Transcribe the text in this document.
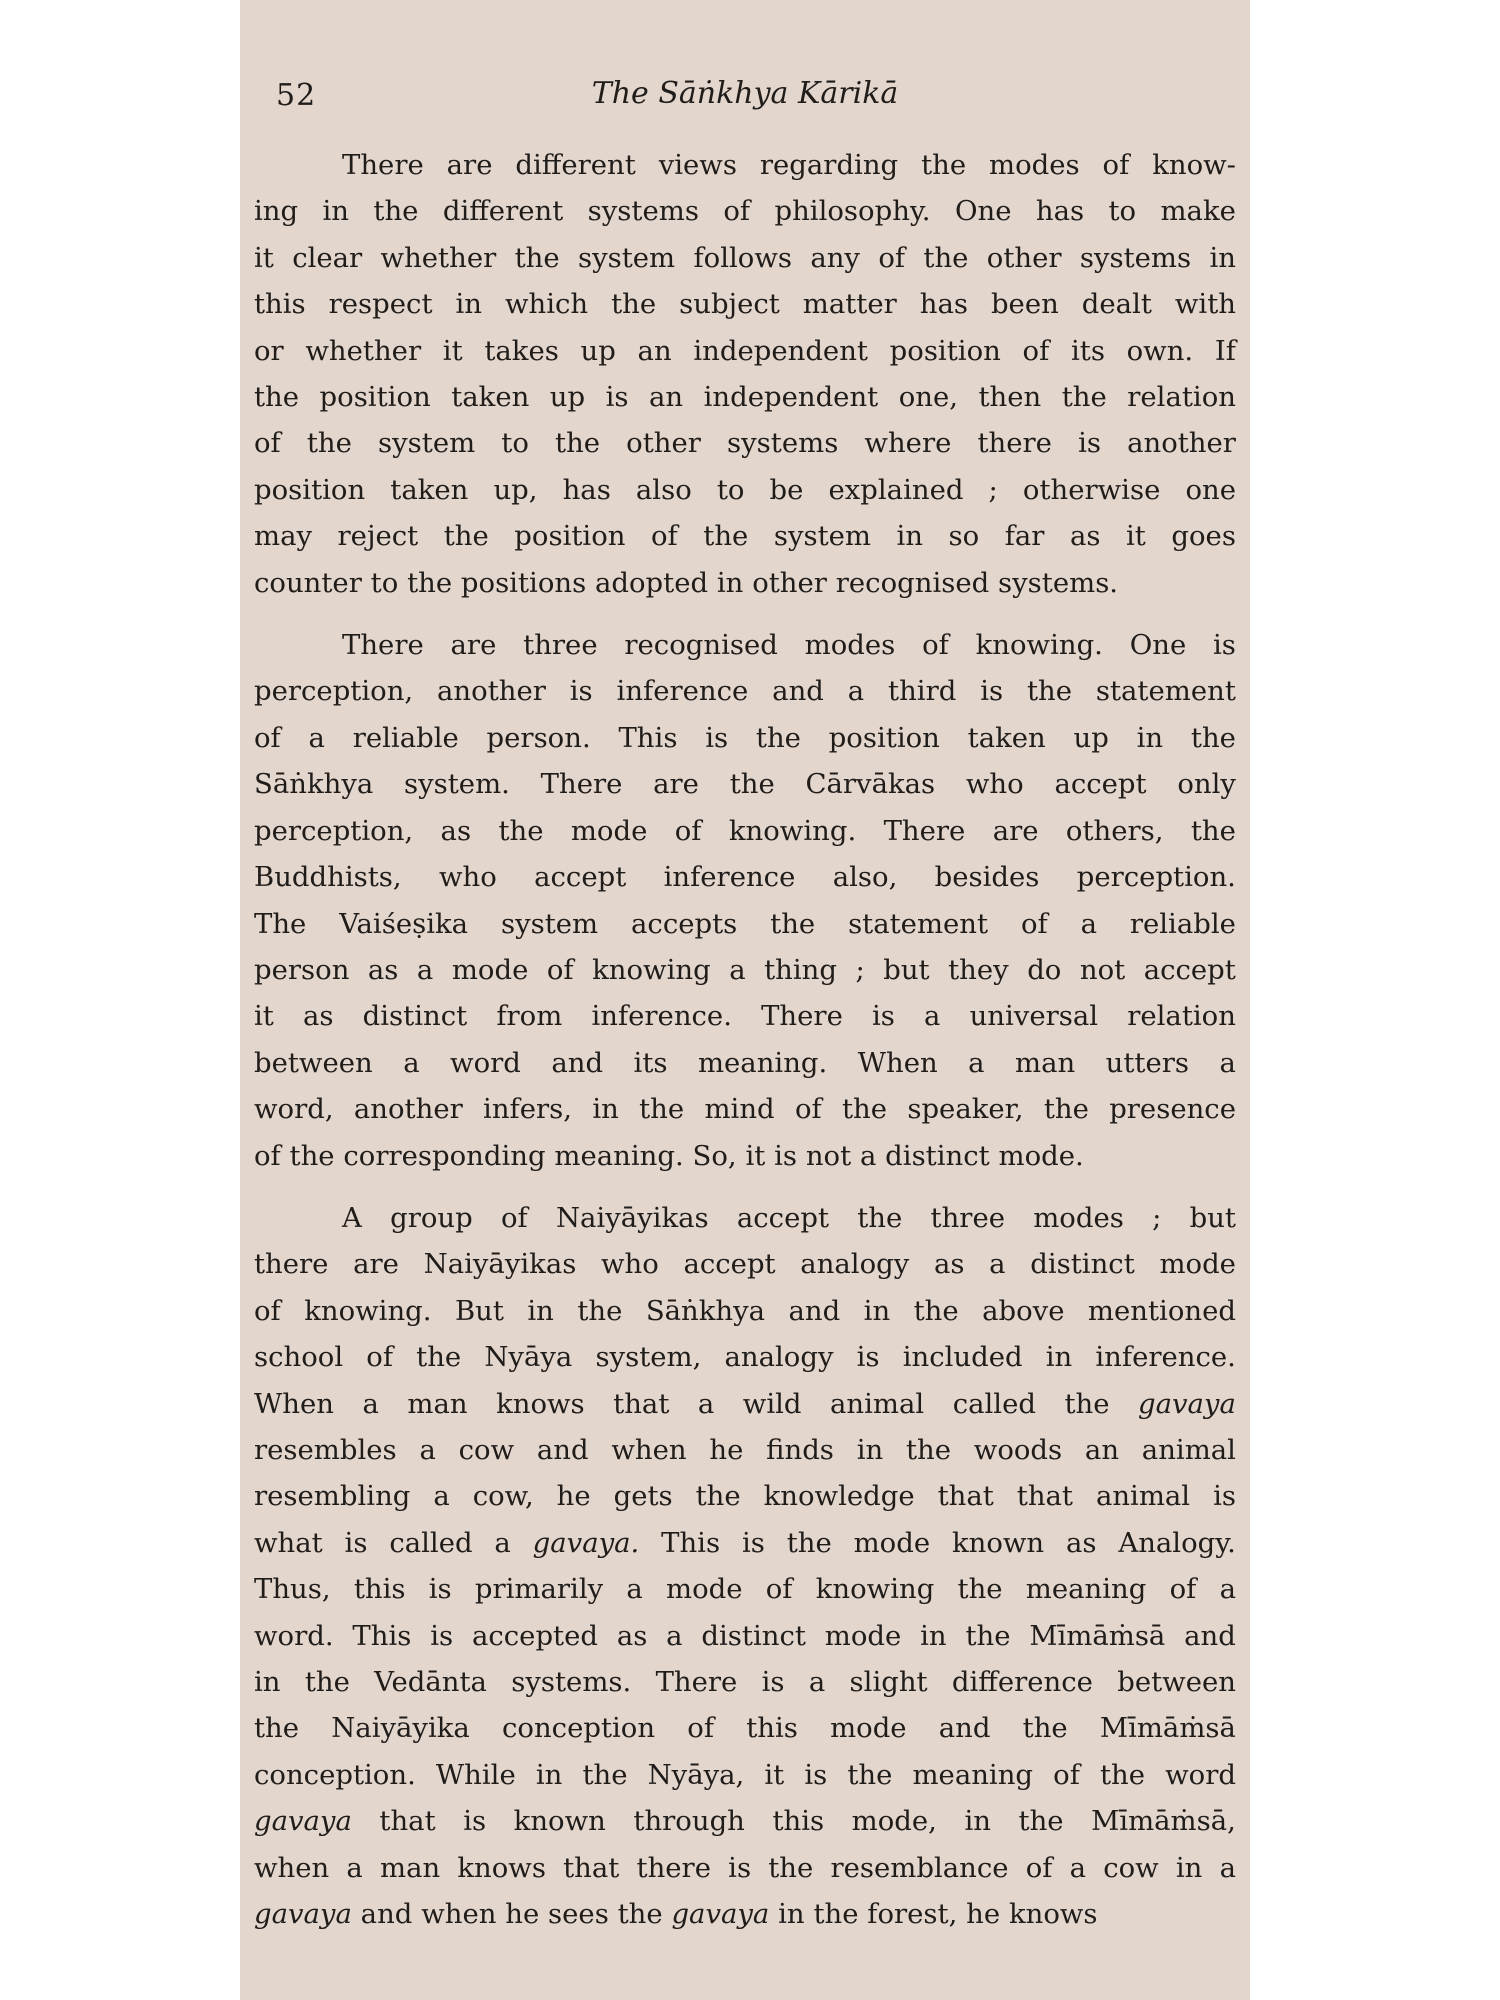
52	The Sāṅkhya Kārikā
There are different views regarding the modes of know-
ing in the different systems of philosophy. One has to make
it clear whether the system follows any of the other systems in
this respect in which the subject matter has been dealt with
or whether it takes up an independent position of its own. If
the position taken up is an independent one, then the relation
of the system to the other systems where there is another
position taken up, has also to be explained ; otherwise one
may reject the position of the system in so far as it goes
counter to the positions adopted in other recognised systems.
There are three recognised modes of knowing. One is
perception, another is inference and a third is the statement
of a reliable person. This is the position taken up in the
Sāṅkhya system. There are the Cārvākas who accept only
perception, as the mode of knowing. There are others, the
Buddhists, who accept inference also, besides perception.
The Vaiśeṣika system accepts the statement of a reliable
person as a mode of knowing a thing ; but they do not accept
it as distinct from inference. There is a universal relation
between a word and its meaning. When a man utters a
word, another infers, in the mind of the speaker, the presence
of the corresponding meaning. So, it is not a distinct mode.
A group of Naiyāyikas accept the three modes ; but
there are Naiyāyikas who accept analogy as a distinct mode
of knowing. But in the Sāṅkhya and in the above mentioned
school of the Nyāya system, analogy is included in inference.
When a man knows that a wild animal called the gavaya
resembles a cow and when he finds in the woods an animal
resembling a cow, he gets the knowledge that that animal is
what is called a gavaya. This is the mode known as Analogy.
Thus, this is primarily a mode of knowing the meaning of a
word. This is accepted as a distinct mode in the Mīmāṁsā and
in the Vedānta systems. There is a slight difference between
the Naiyāyika conception of this mode and the Mīmāṁsā
conception. While in the Nyāya, it is the meaning of the word
gavaya that is known through this mode, in the Mīmāṁsā,
when a man knows that there is the resemblance of a cow in a
gavaya and when he sees the gavaya in the forest, he knows
